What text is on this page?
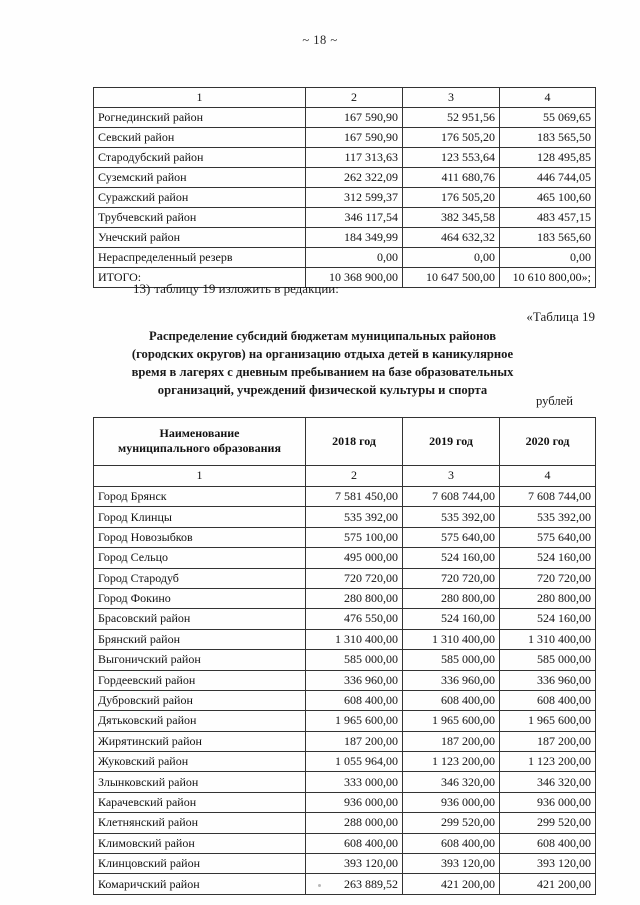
~ 18 ~
1	2	3	4
Рогнединский район	167 590,90	52 951,56	55 069,65
Севский район	167 590,90	176 505,20	183 565,50
Стародубский район	117 313,63	123 553,64	128 495,85
Суземский район	262 322,09	411 680,76	446 744,05
Суражский район	312 599,37	176 505,20	465 100,60
Трубчевский район	346 117,54	382 345,58	483 457,15
Унечский район	184 349,99	464 632,32	183 565,60
Нераспределенный резерв	0,00	0,00	0,00
ИТОГО:	10 368 900,00	10 647 500,00	10 610 800,00»;
13) таблицу 19 изложить в редакции:
«Таблица 19
Распределение субсидий бюджетам муниципальных районов
(городских округов) на организацию отдыха детей в каникулярное
время в лагерях с дневным пребыванием на базе образовательных
организаций, учреждений физической культуры и спорта
рублей
Наименование
муниципального образования	2018 год	2019 год	2020 год
1	2	3	4
Город Брянск	7 581 450,00	7 608 744,00	7 608 744,00
Город Клинцы	535 392,00	535 392,00	535 392,00
Город Новозыбков	575 100,00	575 640,00	575 640,00
Город Сельцо	495 000,00	524 160,00	524 160,00
Город Стародуб	720 720,00	720 720,00	720 720,00
Город Фокино	280 800,00	280 800,00	280 800,00
Брасовский район	476 550,00	524 160,00	524 160,00
Брянский район	1 310 400,00	1 310 400,00	1 310 400,00
Выгоничский район	585 000,00	585 000,00	585 000,00
Гордеевский район	336 960,00	336 960,00	336 960,00
Дубровский район	608 400,00	608 400,00	608 400,00
Дятьковский район	1 965 600,00	1 965 600,00	1 965 600,00
Жирятинский район	187 200,00	187 200,00	187 200,00
Жуковский район	1 055 964,00	1 123 200,00	1 123 200,00
Злынковский район	333 000,00	346 320,00	346 320,00
Карачевский район	936 000,00	936 000,00	936 000,00
Клетнянский район	288 000,00	299 520,00	299 520,00
Климовский район	608 400,00	608 400,00	608 400,00
Клинцовский район	393 120,00	393 120,00	393 120,00
Комаричский район	263 889,52	421 200,00	421 200,00
